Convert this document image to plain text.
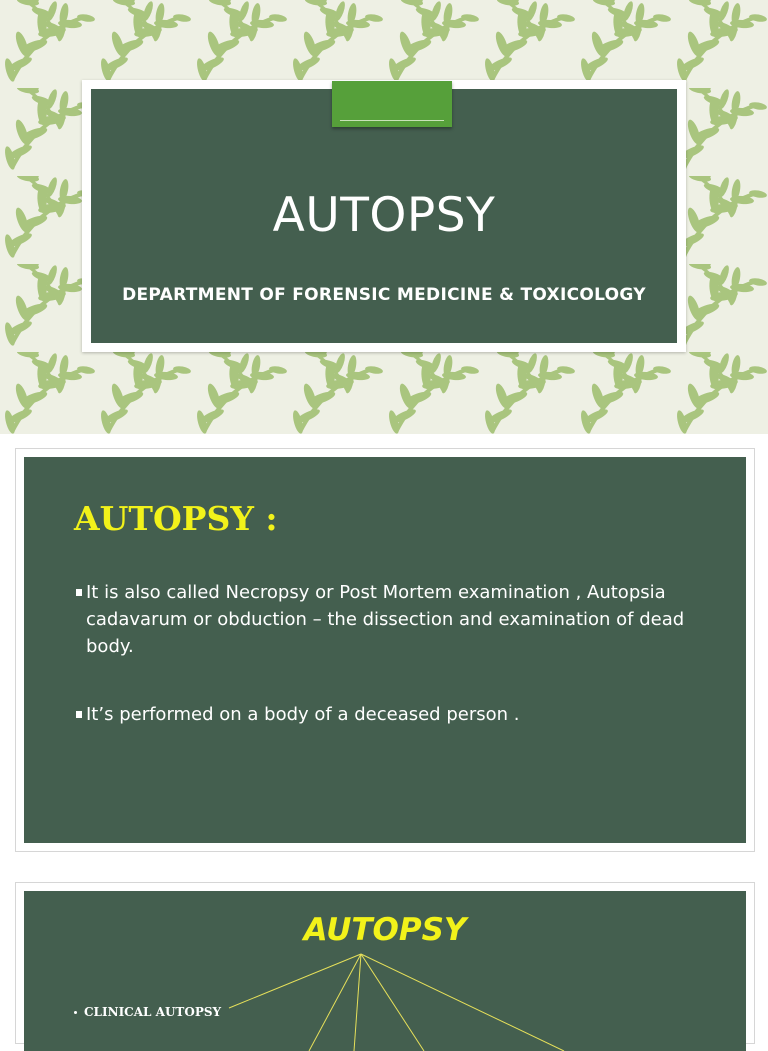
AUTOPSY
DEPARTMENT OF FORENSIC MEDICINE & TOXICOLOGY
AUTOPSY :
It is also called Necropsy or Post Mortem examination , Autopsia cadavarum or obduction – the dissection and examination of dead body.
It’s performed on a body of a deceased person .
AUTOPSY
CLINICAL AUTOPSY
